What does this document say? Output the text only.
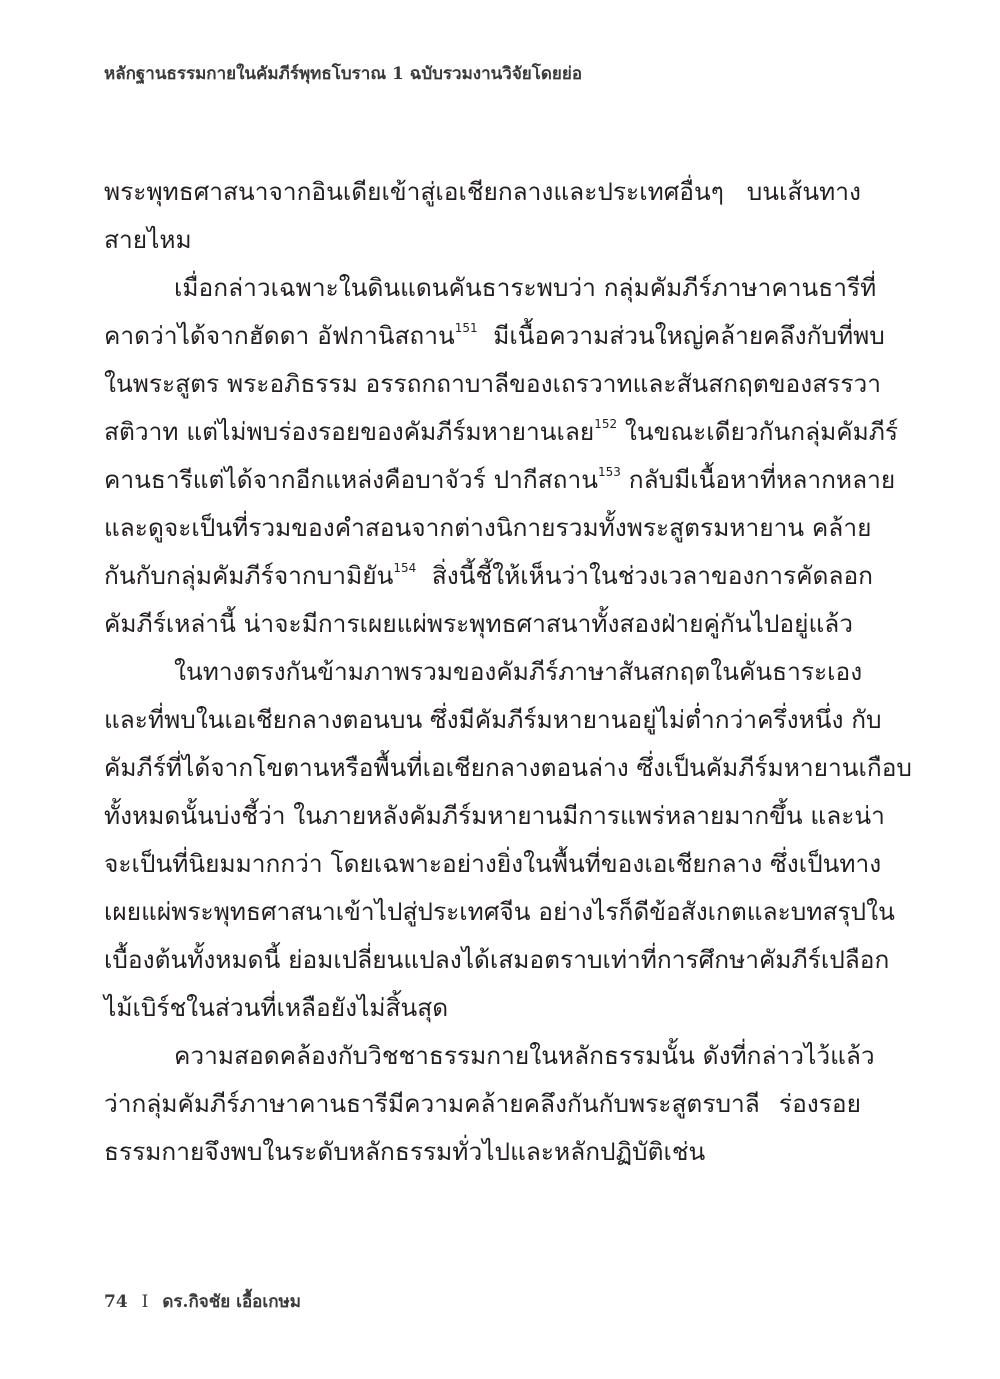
หลักฐานธรรมกายในคัมภีร์พุทธโบราณ 1 ฉบับรวมงานวิจัยโดยย่อ

พระพุทธศาสนาจากอินเดียเข้าสู่เอเชียกลางและประเทศอื่นๆ บนเส้นทาง
สายไหม

เมื่อกล่าวเฉพาะในดินแดนคันธาระพบว่า กลุ่มคัมภีร์ภาษาคานธารีที่
คาดว่าได้จากฮัดดา อัฟกานิสถาน$^{151}$ มีเนื้อความส่วนใหญ่คล้ายคลึงกับที่พบ
ในพระสูตร พระอภิธรรม อรรถกถาบาลีของเถรวาทและสันสกฤตของสรรวา
สติวาท แต่ไม่พบร่องรอยของคัมภีร์มหายานเลย$^{152}$ ในขณะเดียวกันกลุ่มคัมภีร์
คานธารีแต่ได้จากอีกแหล่งคือบาจัวร์ ปากีสถาน$^{153}$ กลับมีเนื้อหาที่หลากหลาย
และดูจะเป็นที่รวมของคำสอนจากต่างนิกายรวมทั้งพระสูตรมหายาน คล้าย
กันกับกลุ่มคัมภีร์จากบามิยัน$^{154}$ สิ่งนี้ชี้ให้เห็นว่าในช่วงเวลาของการคัดลอก
คัมภีร์เหล่านี้ น่าจะมีการเผยแผ่พระพุทธศาสนาทั้งสองฝ่ายคู่กันไปอยู่แล้ว

ในทางตรงกันข้ามภาพรวมของคัมภีร์ภาษาสันสกฤตในคันธาระเอง
และที่พบในเอเชียกลางตอนบน ซึ่งมีคัมภีร์มหายานอยู่ไม่ต่ำกว่าครึ่งหนึ่ง กับ
คัมภีร์ที่ได้จากโขตานหรือพื้นที่เอเชียกลางตอนล่าง ซึ่งเป็นคัมภีร์มหายานเกือบ
ทั้งหมดนั้นบ่งชี้ว่า ในภายหลังคัมภีร์มหายานมีการแพร่หลายมากขึ้น และน่า
จะเป็นที่นิยมมากกว่า โดยเฉพาะอย่างยิ่งในพื้นที่ของเอเชียกลาง ซึ่งเป็นทาง
เผยแผ่พระพุทธศาสนาเข้าไปสู่ประเทศจีน อย่างไรก็ดีข้อสังเกตและบทสรุปใน
เบื้องต้นทั้งหมดนี้ ย่อมเปลี่ยนแปลงได้เสมอตราบเท่าที่การศึกษาคัมภีร์เปลือก
ไม้เบิร์ชในส่วนที่เหลือยังไม่สิ้นสุด

ความสอดคล้องกับวิชชาธรรมกายในหลักธรรมนั้น ดังที่กล่าวไว้แล้ว
ว่ากลุ่มคัมภีร์ภาษาคานธารีมีความคล้ายคลึงกันกับพระสูตรบาลี ร่องรอย
ธรรมกายจึงพบในระดับหลักธรรมทั่วไปและหลักปฏิบัติเช่น

74 I ดร.กิจชัย เอื้อเกษม
